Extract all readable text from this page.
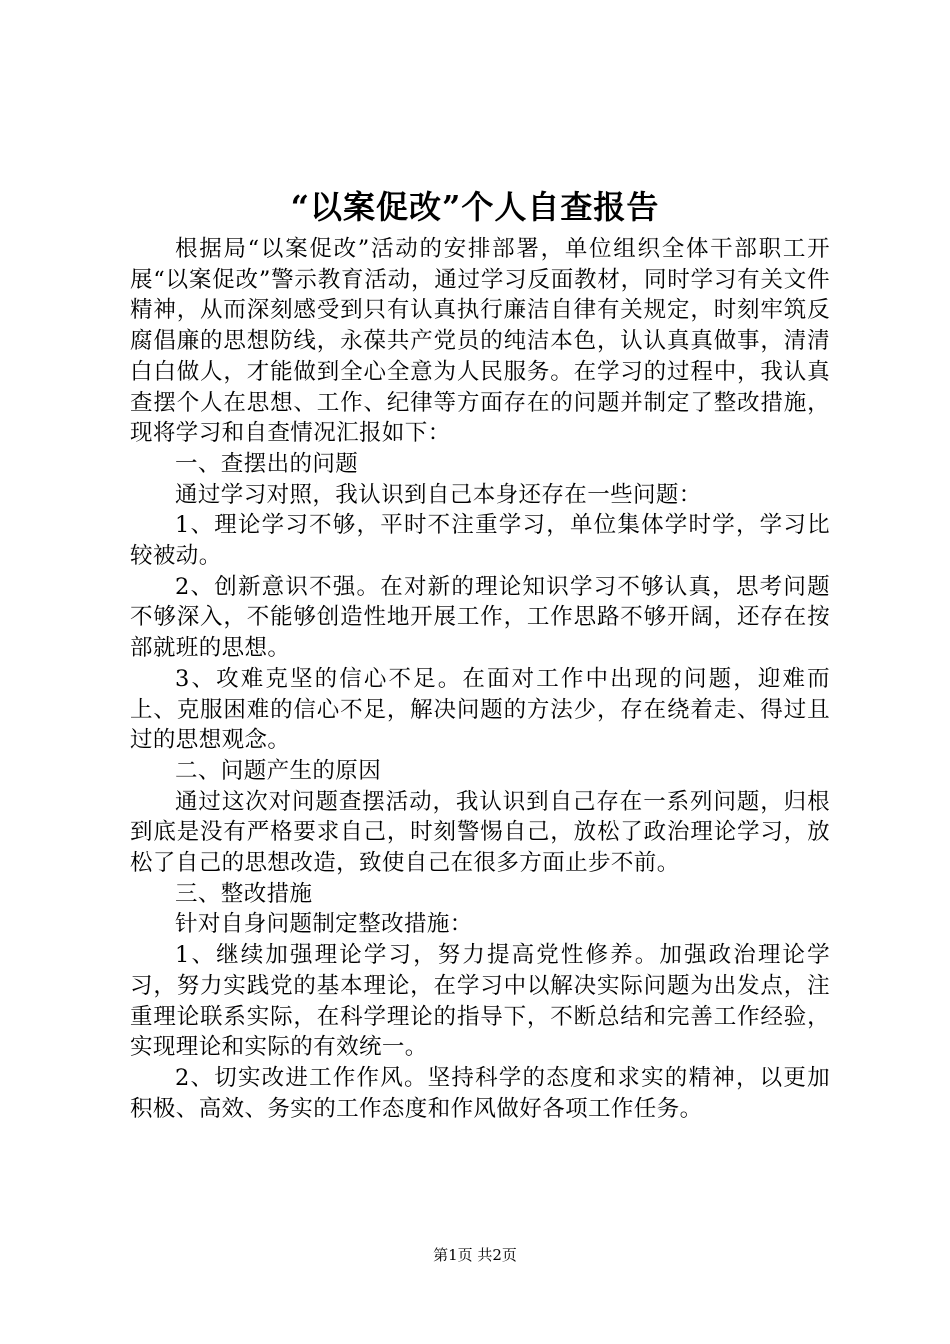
“以案促改”个人自查报告

根据局“以案促改”活动的安排部署，单位组织全体干部职工开展“以案促改”警示教育活动，通过学习反面教材，同时学习有关文件精神，从而深刻感受到只有认真执行廉洁自律有关规定，时刻牢筑反腐倡廉的思想防线，永葆共产党员的纯洁本色，认认真真做事，清清白白做人，才能做到全心全意为人民服务。在学习的过程中，我认真查摆个人在思想、工作、纪律等方面存在的问题并制定了整改措施，现将学习和自查情况汇报如下：

一、查摆出的问题

通过学习对照，我认识到自己本身还存在一些问题：

1、理论学习不够，平时不注重学习，单位集体学时学，学习比较被动。

2、创新意识不强。在对新的理论知识学习不够认真，思考问题不够深入，不能够创造性地开展工作，工作思路不够开阔，还存在按部就班的思想。

3、攻难克坚的信心不足。在面对工作中出现的问题，迎难而上、克服困难的信心不足，解决问题的方法少，存在绕着走、得过且过的思想观念。

二、问题产生的原因

通过这次对问题查摆活动，我认识到自己存在一系列问题，归根到底是没有严格要求自己，时刻警惕自己，放松了政治理论学习，放松了自己的思想改造，致使自己在很多方面止步不前。

三、整改措施

针对自身问题制定整改措施：

1、继续加强理论学习，努力提高党性修养。加强政治理论学习，努力实践党的基本理论，在学习中以解决实际问题为出发点，注重理论联系实际，在科学理论的指导下，不断总结和完善工作经验，实现理论和实际的有效统一。

2、切实改进工作作风。坚持科学的态度和求实的精神，以更加积极、高效、务实的工作态度和作风做好各项工作任务。

第1页 共2页
